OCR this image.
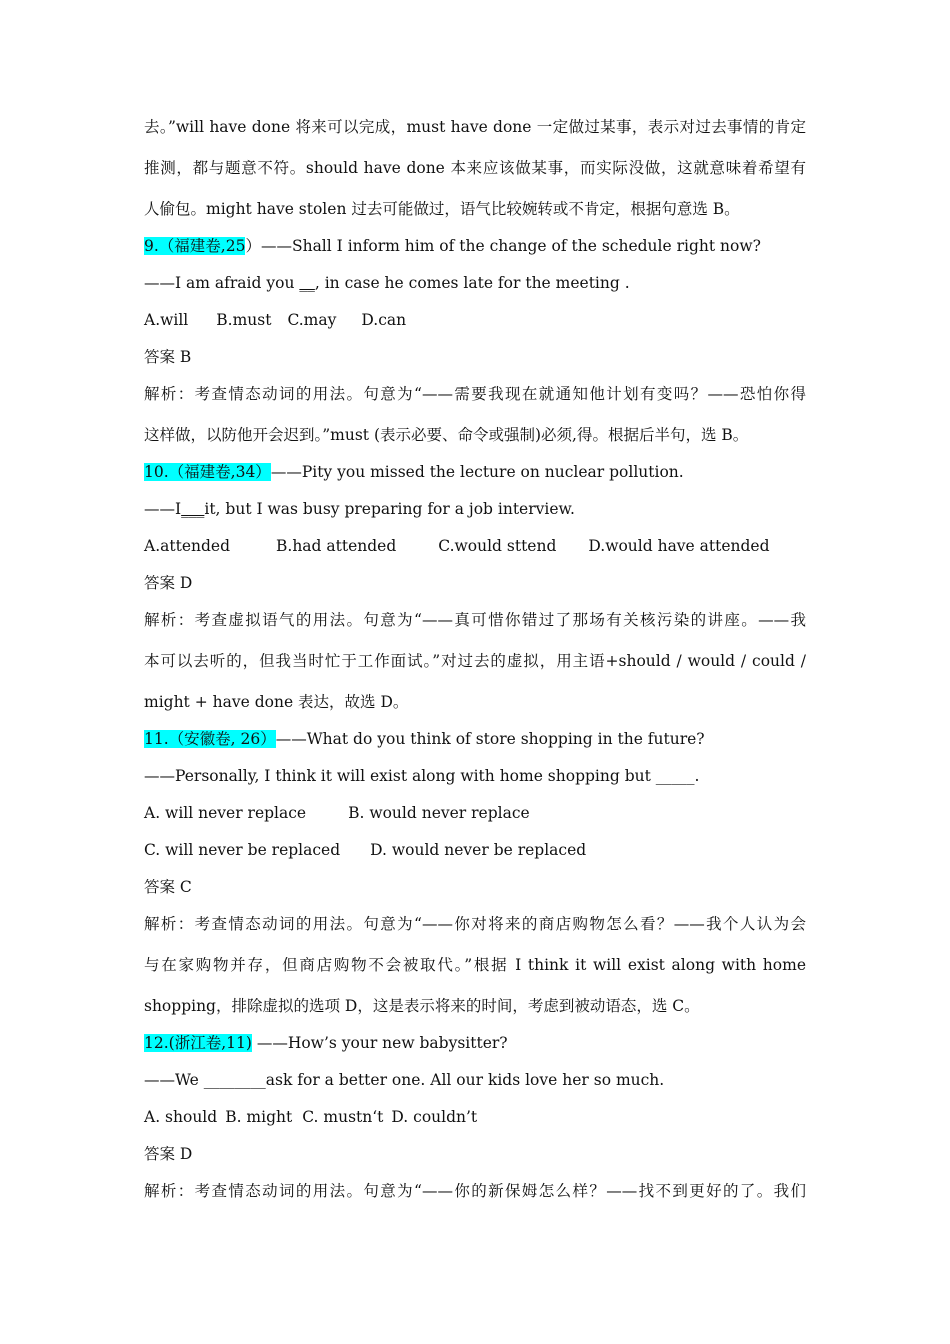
去。”will have done 将来可以完成，must have done 一定做过某事，表示对过去事情的肯定
推测，都与题意不符。should have done 本来应该做某事，而实际没做，这就意味着希望有
人偷包。might have stolen 过去可能做过，语气比较婉转或不肯定，根据句意选 B。
9.（福建卷,25）——Shall I inform him of the change of the schedule right now?
——I am afraid you __, in case he comes late for the meeting .
A.will B.must C.may D.can
答案 B
解析：考查情态动词的用法。句意为“——需要我现在就通知他计划有变吗？——恐怕你得
这样做，以防他开会迟到。”must (表示必要、命令或强制)必须,得。根据后半句，选 B。
10.（福建卷,34）——Pity you missed the lecture on nuclear pollution.
——I___it, but I was busy preparing for a job interview.
A.attended	B.had attended	C.would sttend D.would have attended
答案 D
解析：考查虚拟语气的用法。句意为“——真可惜你错过了那场有关核污染的讲座。——我
本可以去听的，但我当时忙于工作面试。”对过去的虚拟，用主语+should / would / could /
might + have done 表达，故选 D。
11.（安徽卷, 26）——What do you think of store shopping in the future?
——Personally, I think it will exist along with home shopping but _____.
A. will never replace	B. would never replace
C. will never be replaced D. would never be replaced
答案 C
解析：考查情态动词的用法。句意为“——你对将来的商店购物怎么看？——我个人认为会
与在家购物并存，但商店购物不会被取代。”根据 I think it will exist along with home
shopping，排除虚拟的选项 D，这是表示将来的时间，考虑到被动语态，选 C。
12.(浙江卷,11) ——How’s your new babysitter?
——We ________ask for a better one. All our kids love her so much.
A. should B. might C. mustn‘t D. couldn’t
答案 D
解析：考查情态动词的用法。句意为“——你的新保姆怎么样？——找不到更好的了。我们
